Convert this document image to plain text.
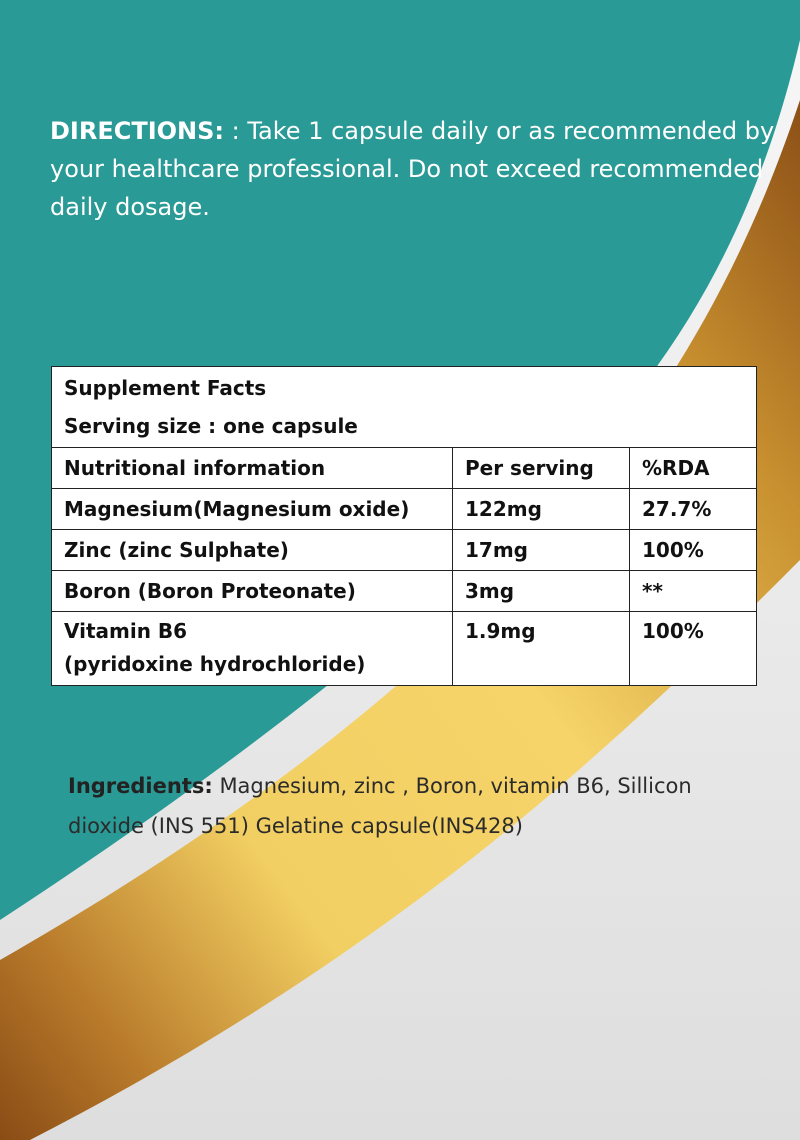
DIRECTIONS: : Take 1 capsule daily or as recommended by your healthcare professional. Do not exceed recommended daily dosage.

Supplement Facts
Serving size : one capsule		

Nutritional information	Per serving	%RDA
Magnesium(Magnesium oxide)	122mg	27.7%
Zinc (zinc Sulphate)	17mg	100%
Boron (Boron Proteonate)	3mg	**

Vitamin B6
(pyridoxine hydrochloride)	1.9mg	100%

Ingredients: Magnesium, zinc , Boron, vitamin B6, Sillicon dioxide (INS 551) Gelatine capsule(INS428)
